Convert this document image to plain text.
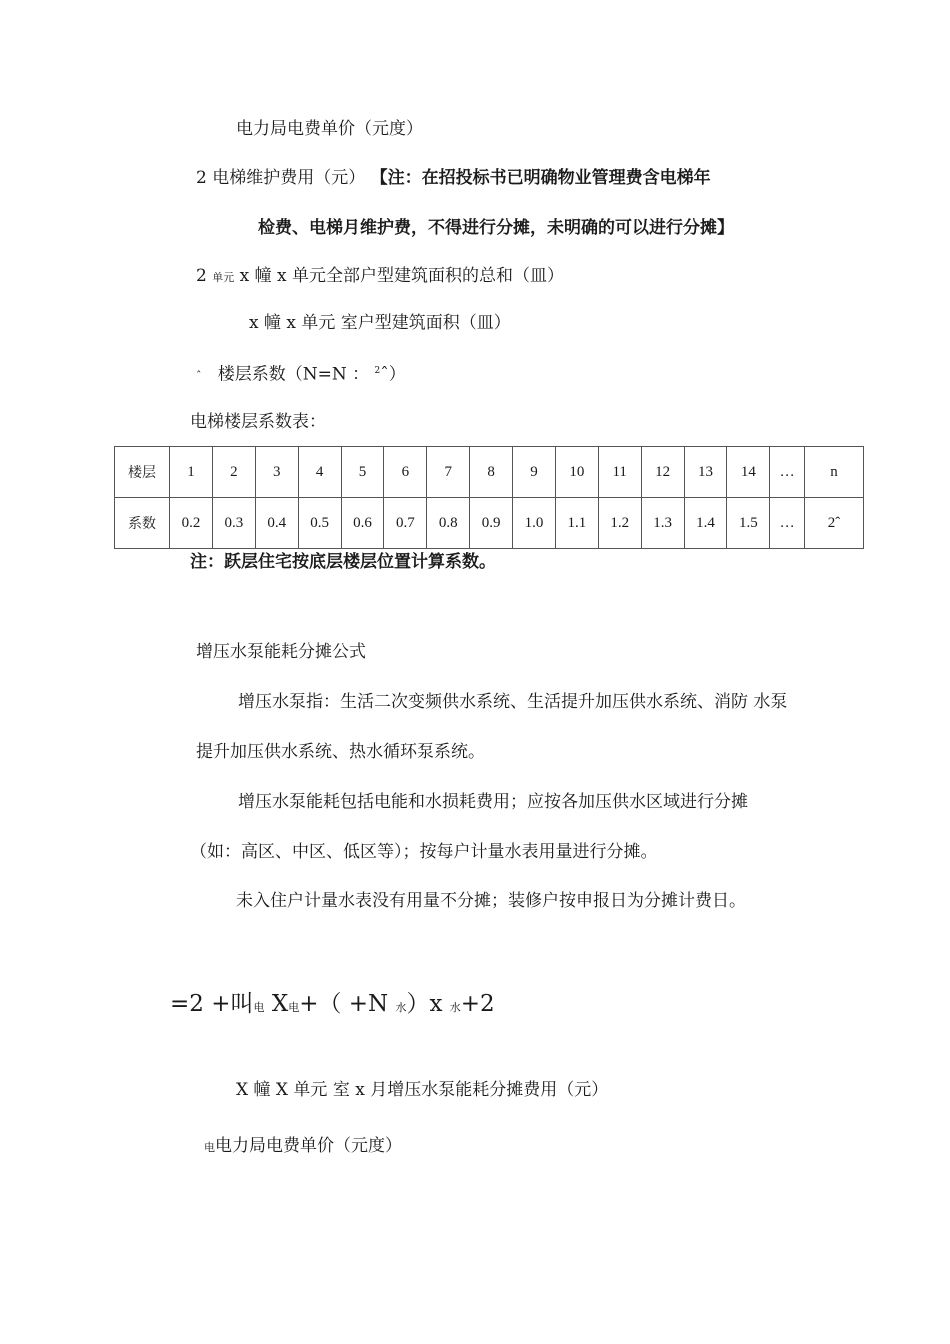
电力局电费单价（元度）
2 电梯维护费用（元） 【注：在招投标书已明确物业管理费含电梯年
检费、电梯月维护费，不得进行分摊，未明确的可以进行分摊】
2 单元 x 幢 x 单元全部户型建筑面积的总和（皿）
x 幢 x 单元 室户型建筑面积（皿）
ˆ 楼层系数（N=N ： $^2$ˆ）
电梯楼层系数表：
楼层	1	2	3	4	5	6	7	8	9	10	11	12	13	14	…	n
系数	0.2	0.3	0.4	0.5	0.6	0.7	0.8	0.9	1.0	1.1	1.2	1.3	1.4	1.5	…	2ˆ
注：跃层住宅按底层楼层位置计算系数。
增压水泵能耗分摊公式
增压水泵指：生活二次变频供水系统、生活提升加压供水系统、消防 水泵
提升加压供水系统、热水循环泵系统。
增压水泵能耗包括电能和水损耗费用；应按各加压供水区域进行分摊
（如：高区、中区、低区等）；按每户计量水表用量进行分摊。
未入住户计量水表没有用量不分摊；装修户按申报日为分摊计费日。
=2 +叫电 X电+（ +N 水）x 水+2
X 幢 X 单元 室 x 月增压水泵能耗分摊费用（元）
电电力局电费单价（元度）
